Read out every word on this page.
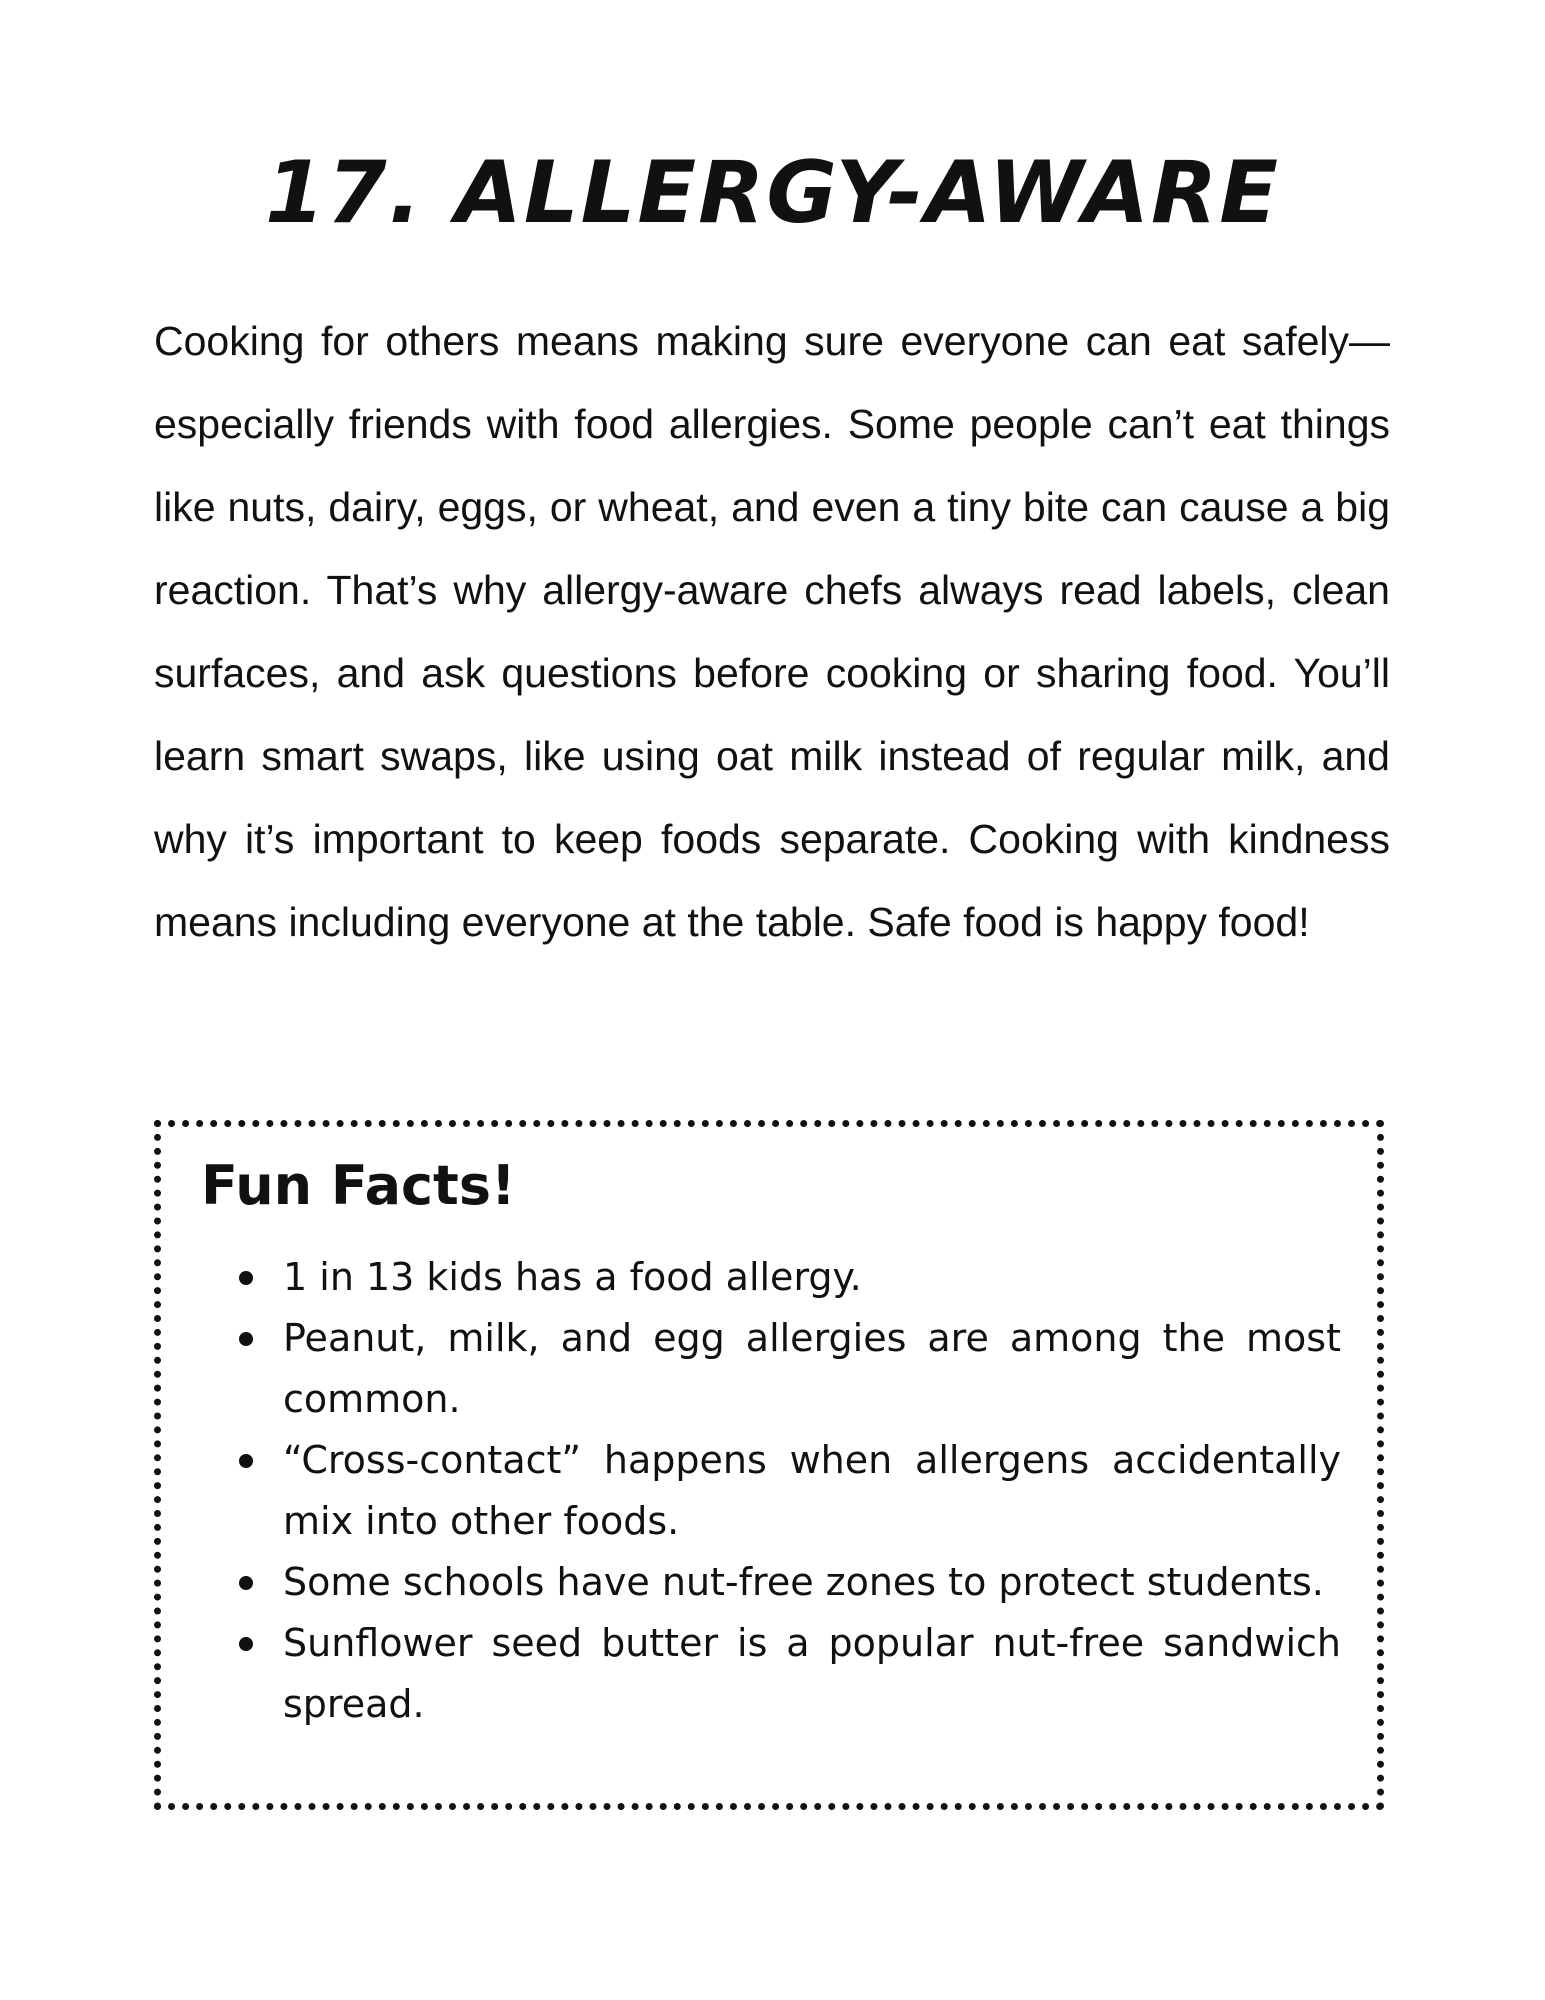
17. ALLERGY-AWARE

Cooking for others means making sure everyone can eat safely—especially friends with food allergies. Some people can’t eat things like nuts, dairy, eggs, or wheat, and even a tiny bite can cause a big reaction. That’s why allergy-aware chefs always read labels, clean surfaces, and ask questions before cooking or sharing food. You’ll learn smart swaps, like using oat milk instead of regular milk, and why it’s important to keep foods separate. Cooking with kindness means including everyone at the table. Safe food is happy food!

Fun Facts!
1 in 13 kids has a food allergy.
Peanut, milk, and egg allergies are among the most common.
“Cross-contact” happens when allergens accidentally mix into other foods.
Some schools have nut-free zones to protect students.
Sunflower seed butter is a popular nut-free sandwich spread.
